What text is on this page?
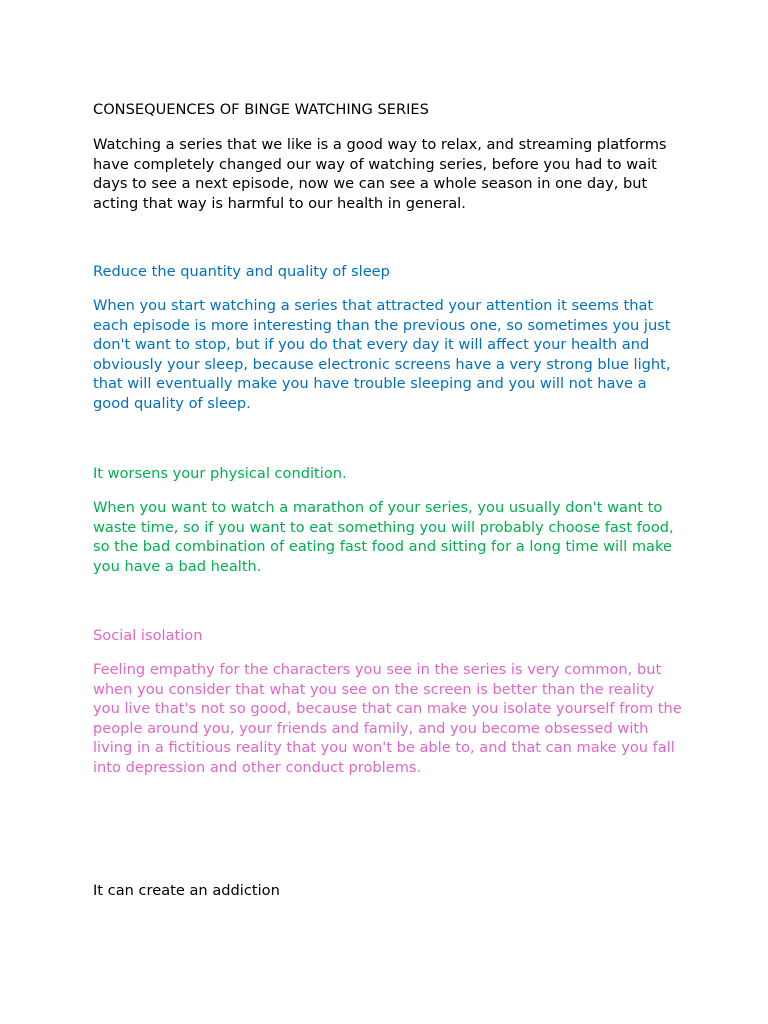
CONSEQUENCES OF BINGE WATCHING SERIES

Watching a series that we like is a good way to relax, and streaming platforms have completely changed our way of watching series, before you had to wait days to see a next episode, now we can see a whole season in one day, but acting that way is harmful to our health in general.

Reduce the quantity and quality of sleep

When you start watching a series that attracted your attention it seems that each episode is more interesting than the previous one, so sometimes you just don't want to stop, but if you do that every day it will affect your health and obviously your sleep, because electronic screens have a very strong blue light, that will eventually make you have trouble sleeping and you will not have a good quality of sleep.

It worsens your physical condition.

When you want to watch a marathon of your series, you usually don't want to waste time, so if you want to eat something you will probably choose fast food, so the bad combination of eating fast food and sitting for a long time will make you have a bad health.

Social isolation

Feeling empathy for the characters you see in the series is very common, but when you consider that what you see on the screen is better than the reality you live that's not so good, because that can make you isolate yourself from the people around you, your friends and family, and you become obsessed with living in a fictitious reality that you won't be able to, and that can make you fall into depression and other conduct problems.

It can create an addiction
